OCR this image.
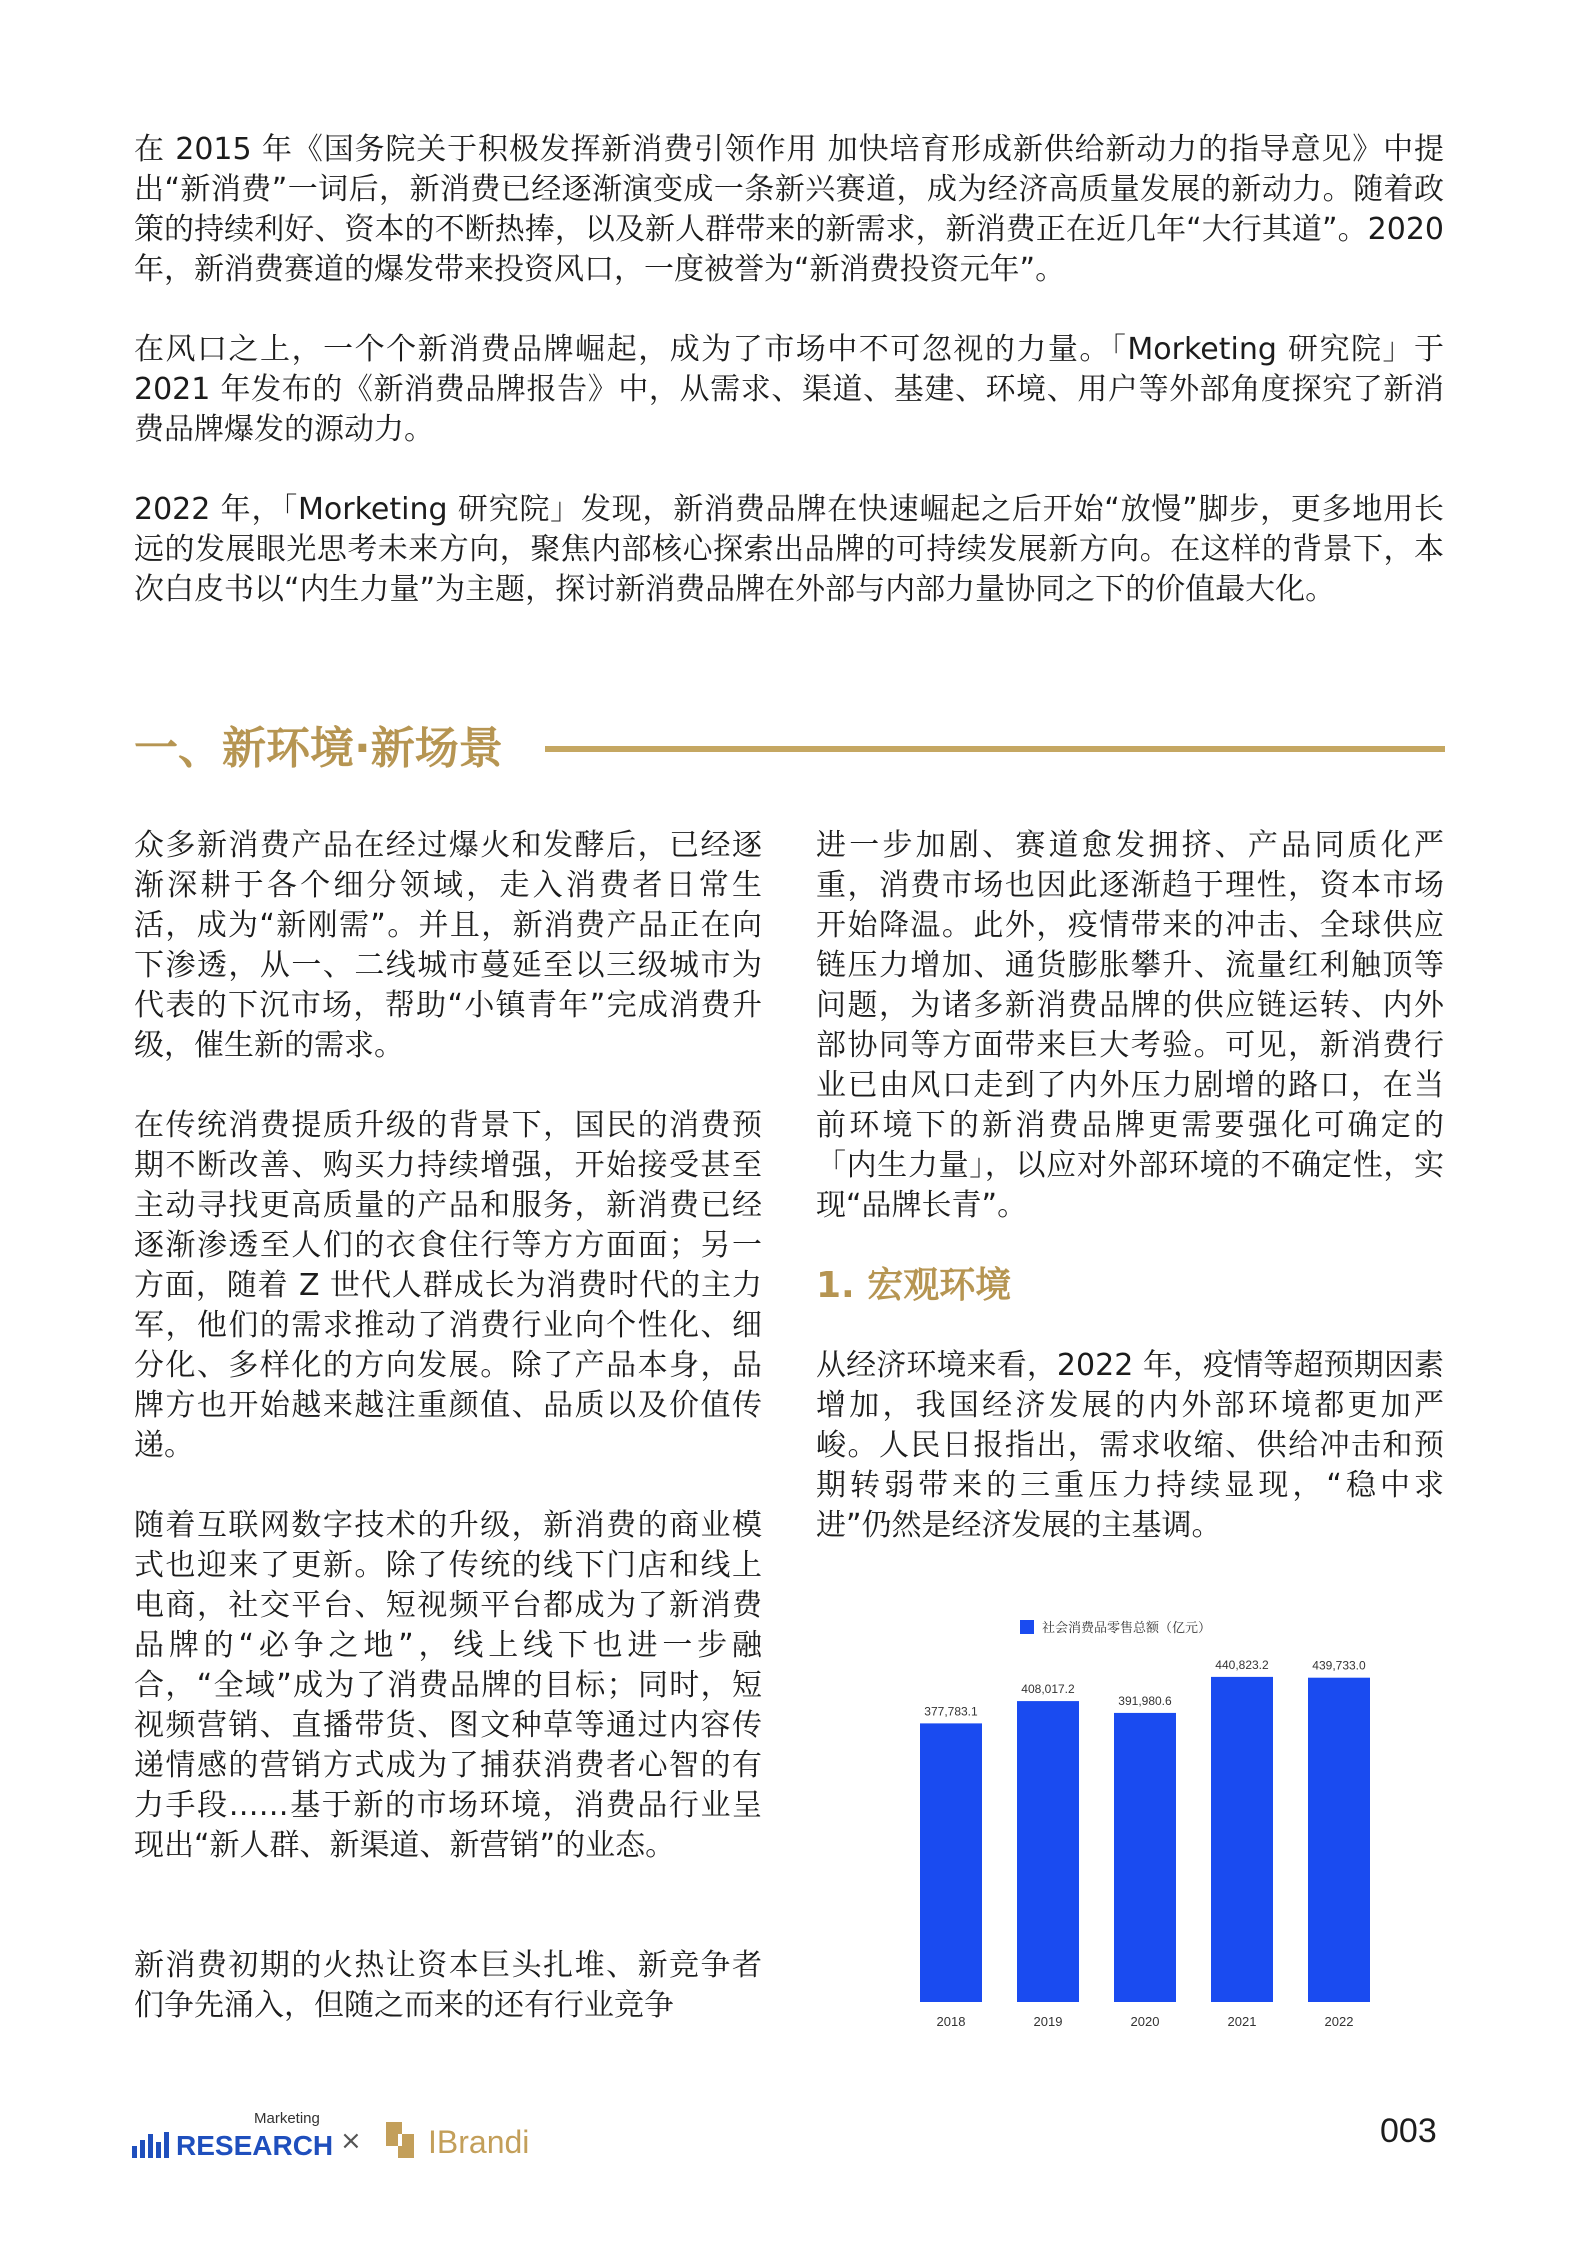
在 2015 年《国务院关于积极发挥新消费引领作用 加快培育形成新供给新动力的指导意见》中提出“新消费”一词后，新消费已经逐渐演变成一条新兴赛道，成为经济高质量发展的新动力。随着政策的持续利好、资本的不断热捧，以及新人群带来的新需求，新消费正在近几年“大行其道”。2020 年，新消费赛道的爆发带来投资风口，一度被誉为“新消费投资元年”。

在风口之上，一个个新消费品牌崛起，成为了市场中不可忽视的力量。「Morketing 研究院」于 2021 年发布的《新消费品牌报告》中，从需求、渠道、基建、环境、用户等外部角度探究了新消费品牌爆发的源动力。

2022 年，「Morketing 研究院」发现，新消费品牌在快速崛起之后开始“放慢”脚步，更多地用长远的发展眼光思考未来方向，聚焦内部核心探索出品牌的可持续发展新方向。在这样的背景下，本次白皮书以“内生力量”为主题，探讨新消费品牌在外部与内部力量协同之下的价值最大化。

一、新环境·新场景

众多新消费产品在经过爆火和发酵后，已经逐渐深耕于各个细分领域，走入消费者日常生活，成为“新刚需”。并且，新消费产品正在向下渗透，从一、二线城市蔓延至以三级城市为代表的下沉市场，帮助“小镇青年”完成消费升级，催生新的需求。

在传统消费提质升级的背景下，国民的消费预期不断改善、购买力持续增强，开始接受甚至主动寻找更高质量的产品和服务，新消费已经逐渐渗透至人们的衣食住行等方方面面；另一方面，随着 Z 世代人群成长为消费时代的主力军，他们的需求推动了消费行业向个性化、细分化、多样化的方向发展。除了产品本身，品牌方也开始越来越注重颜值、品质以及价值传递。

随着互联网数字技术的升级，新消费的商业模式也迎来了更新。除了传统的线下门店和线上电商，社交平台、短视频平台都成为了新消费品牌的“必争之地”，线上线下也进一步融合，“全域”成为了消费品牌的目标；同时，短视频营销、直播带货、图文种草等通过内容传递情感的营销方式成为了捕获消费者心智的有力手段……基于新的市场环境，消费品行业呈现出“新人群、新渠道、新营销”的业态。

新消费初期的火热让资本巨头扎堆、新竞争者们争先涌入，但随之而来的还有行业竞争

进一步加剧、赛道愈发拥挤、产品同质化严重，消费市场也因此逐渐趋于理性，资本市场开始降温。此外，疫情带来的冲击、全球供应链压力增加、通货膨胀攀升、流量红利触顶等问题，为诸多新消费品牌的供应链运转、内外部协同等方面带来巨大考验。可见，新消费行业已由风口走到了内外压力剧增的路口，在当前环境下的新消费品牌更需要强化可确定的「内生力量」，以应对外部环境的不确定性，实现“品牌长青”。

1. 宏观环境

从经济环境来看，2022 年，疫情等超预期因素增加，我国经济发展的内外部环境都更加严峻。人民日报指出，需求收缩、供给冲击和预期转弱带来的三重压力持续显现，“稳中求进”仍然是经济发展的主基调。

社会消费品零售总额（亿元）
377,783.1
2018
408,017.2
2019
391,980.6
2020
440,823.2
2021
439,733.0
2022
Marketing
RESEARCH × IBrandi	003
